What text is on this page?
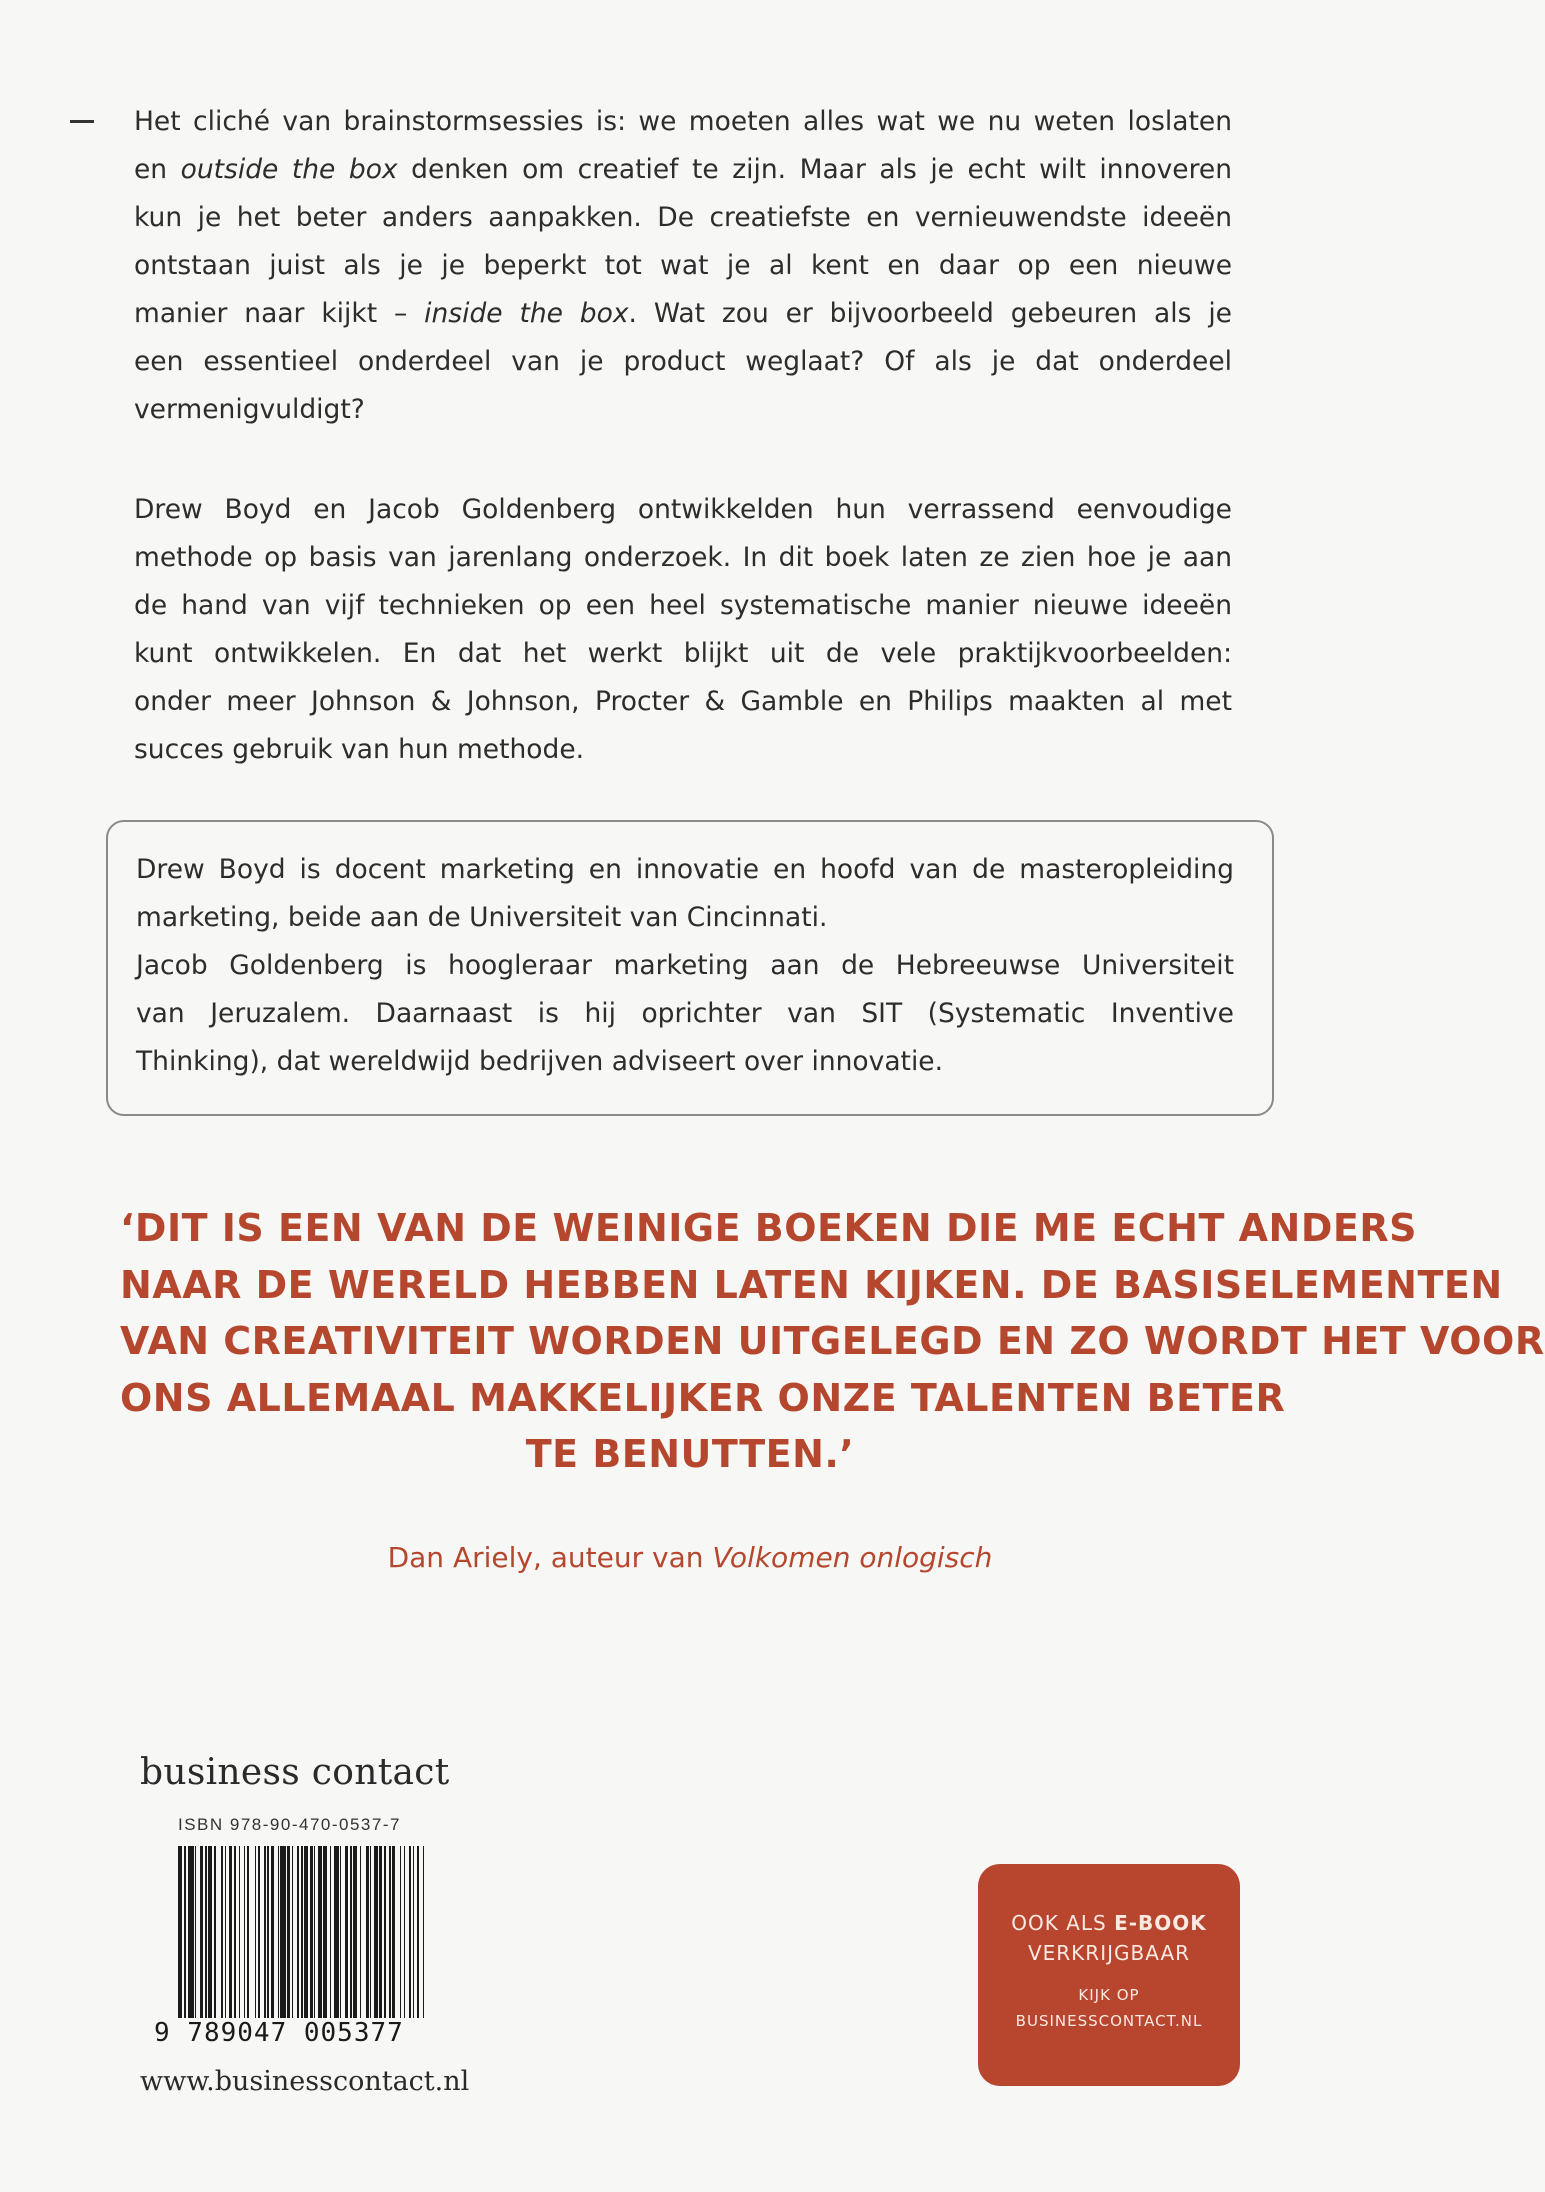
Het cliché van brainstormsessies is: we moeten alles wat we nu weten loslaten

en outside the box denken om creatief te zijn. Maar als je echt wilt innoveren

kun je het beter anders aanpakken. De creatiefste en vernieuwendste ideeën

ontstaan juist als je je beperkt tot wat je al kent en daar op een nieuwe

manier naar kijkt – inside the box. Wat zou er bijvoorbeeld gebeuren als je

een essentieel onderdeel van je product weglaat? Of als je dat onderdeel

vermenigvuldigt?

Drew Boyd en Jacob Goldenberg ontwikkelden hun verrassend eenvoudige

methode op basis van jarenlang onderzoek. In dit boek laten ze zien hoe je aan

de hand van vijf technieken op een heel systematische manier nieuwe ideeën

kunt ontwikkelen. En dat het werkt blijkt uit de vele praktijkvoorbeelden:

onder meer Johnson & Johnson, Procter & Gamble en Philips maakten al met

succes gebruik van hun methode.

Drew Boyd is docent marketing en innovatie en hoofd van de masteropleiding

marketing, beide aan de Universiteit van Cincinnati.

Jacob Goldenberg is hoogleraar marketing aan de Hebreeuwse Universiteit

van Jeruzalem. Daarnaast is hij oprichter van SIT (Systematic Inventive

Thinking), dat wereldwijd bedrijven adviseert over innovatie.

‘DIT IS EEN VAN DE WEINIGE BOEKEN DIE ME ECHT ANDERS
NAAR DE WERELD HEBBEN LATEN KIJKEN. DE BASISELEMENTEN
VAN CREATIVITEIT WORDEN UITGELEGD EN ZO WORDT HET VOOR
ONS ALLEMAAL MAKKELIJKER ONZE TALENTEN BETER
TE BENUTTEN.’
Dan Ariely, auteur van Volkomen onlogisch
business contact
ISBN 978-90-470-0537-7
9 789047 005377
www.businesscontact.nl
OOK ALS E-BOOK
VERKRIJGBAAR
KIJK OP
BUSINESSCONTACT.NL
